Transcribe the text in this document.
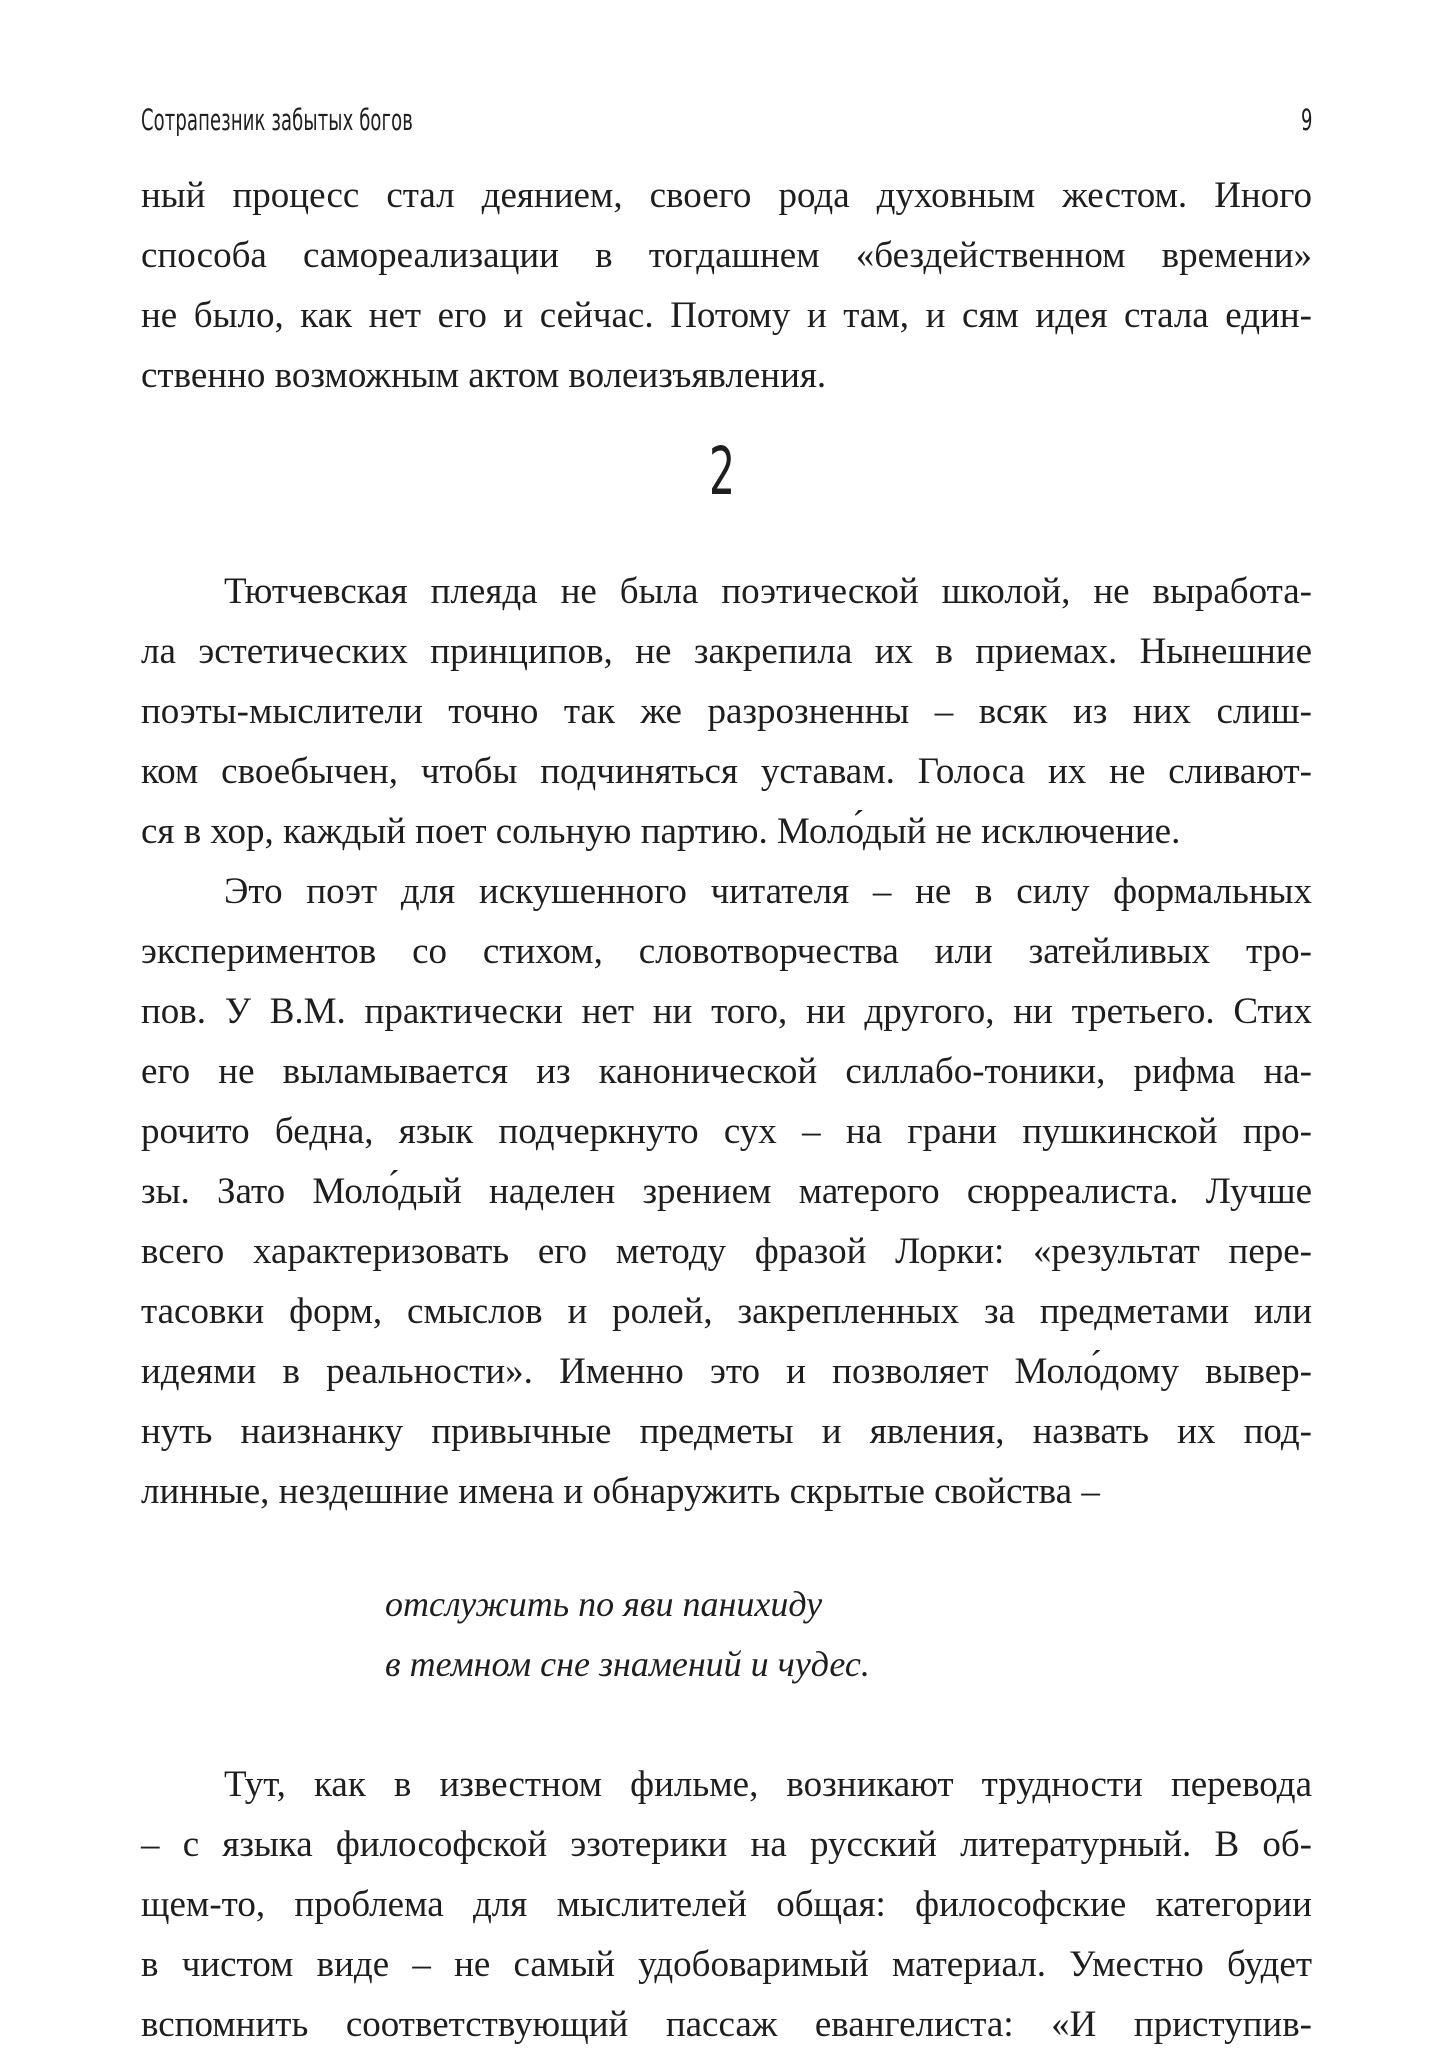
Сотрапезник забытых богов	9
ный процесс стал деянием, своего рода духовным жестом. Иного
способа самореализации в тогдашнем «бездейственном времени»
не было, как нет его и сейчас. Потому и там, и сям идея стала един-
ственно возможным актом волеизъявления.
2
Тютчевская плеяда не была поэтической школой, не выработа-
ла эстетических принципов, не закрепила их в приемах. Нынешние
поэты-мыслители точно так же разрозненны – всяк из них слиш-
ком своебычен, чтобы подчиняться уставам. Голоса их не сливают-
ся в хор, каждый поет сольную партию. Моло́дый не исключение.
Это поэт для искушенного читателя – не в силу формальных
экспериментов со стихом, словотворчества или затейливых тро-
пов. У В.М. практически нет ни того, ни другого, ни третьего. Стих
его не выламывается из канонической силлабо-тоники, рифма на-
рочито бедна, язык подчеркнуто сух – на грани пушкинской про-
зы. Зато Моло́дый наделен зрением матерого сюрреалиста. Лучше
всего характеризовать его методу фразой Лорки: «результат пере-
тасовки форм, смыслов и ролей, закрепленных за предметами или
идеями в реальности». Именно это и позволяет Моло́дому вывер-
нуть наизнанку привычные предметы и явления, назвать их под-
линные, нездешние имена и обнаружить скрытые свойства –
отслужить по яви панихиду
в темном сне знамений и чудес.
Тут, как в известном фильме, возникают трудности перевода
– с языка философской эзотерики на русский литературный. В об-
щем-то, проблема для мыслителей общая: философские категории
в чистом виде – не самый удобоваримый материал. Уместно будет
вспомнить соответствующий пассаж евангелиста: «И приступив-
